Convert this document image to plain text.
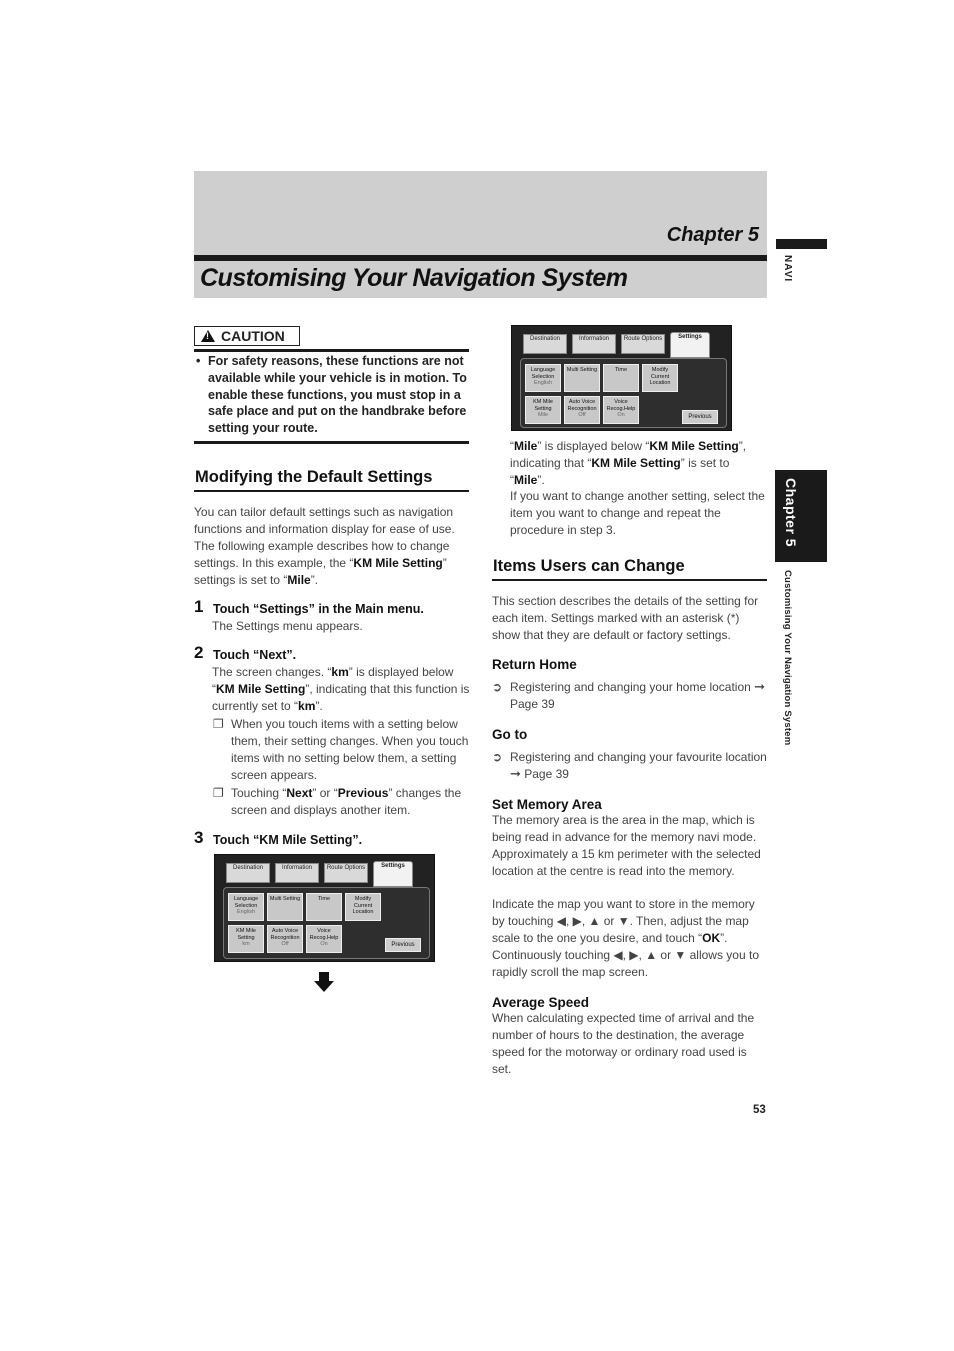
Chapter 5
Customising Your Navigation System	NAVI
Chapter 5
Customising Your Navigation System
!
CAUTION
• For safety reasons, these functions are not available while your vehicle is in motion. To enable these functions, you must stop in a safe place and put on the handbrake before setting your route.
Modifying the Default Settings
You can tailor default settings such as navigation functions and information display for ease of use. The following example describes how to change settings. In this example, the “KM Mile Setting” settings is set to “Mile”.
1 Touch “Settings” in the Main menu.
The Settings menu appears.
2 Touch “Next”.
The screen changes. “km” is displayed below “KM Mile Setting”, indicating that this function is currently set to “km”.
❐ When you touch items with a setting below them, their setting changes. When you touch items with no setting below them, a setting screen appears.
❐ Touching “Next” or “Previous” changes the screen and displays another item.
3 Touch “KM Mile Setting”.
Destination	Information	Route Options	Settings
Language Selection
English
Multi Setting	Time	Modify Current Location
KM Mile Setting
km
Auto Voice Recognition
Off
Voice Recog.Help
On	Previous
Destination	Information	Route Options	Settings
Language Selection
English
Multi Setting	Time	Modify Current Location
KM Mile Setting
Mile
Auto Voice Recognition
Off
Voice Recog.Help
On	Previous
“Mile” is displayed below “KM Mile Setting”, indicating that “KM Mile Setting” is set to “Mile”.
If you want to change another setting, select the item you want to change and repeat the procedure in step 3.
Items Users can Change
This section describes the details of the setting for each item. Settings marked with an asterisk (*) show that they are default or factory settings.
Return Home
➲ Registering and changing your home location ➞ Page 39
Go to
➲ Registering and changing your favourite location ➞ Page 39
Set Memory Area
The memory area is the area in the map, which is being read in advance for the memory navi mode. Approximately a 15 km perimeter with the selected location at the centre is read into the memory.
Indicate the map you want to store in the memory by touching ◀, ▶, ▲ or ▼. Then, adjust the map scale to the one you desire, and touch “OK”. Continuously touching ◀, ▶, ▲ or ▼ allows you to rapidly scroll the map screen.
Average Speed
When calculating expected time of arrival and the number of hours to the destination, the average speed for the motorway or ordinary road used is set.
53
